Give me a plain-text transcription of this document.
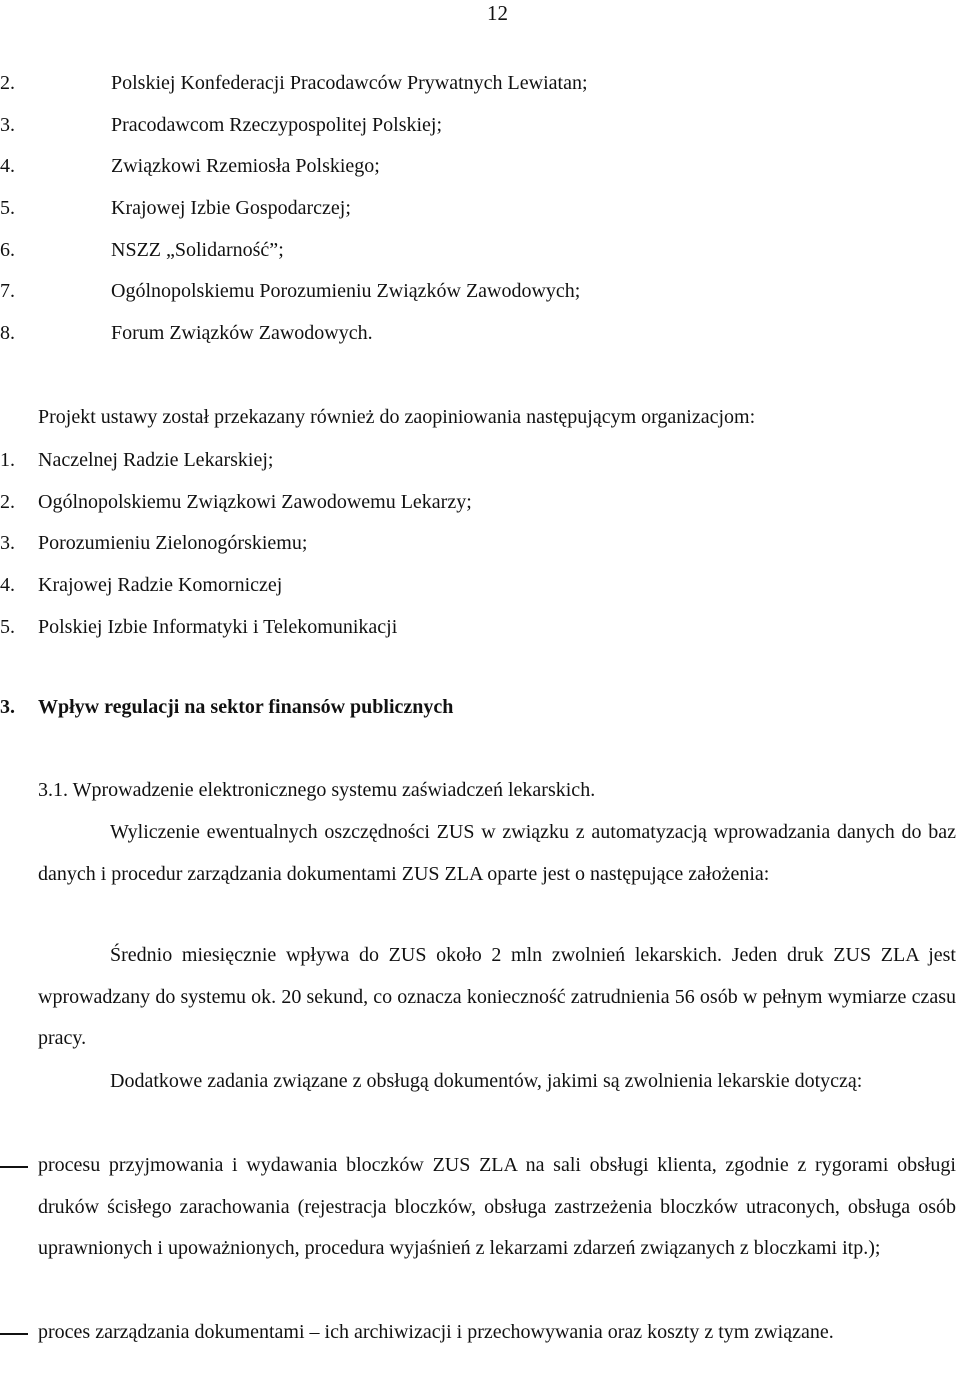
12
2.	Polskiej Konfederacji Pracodawców Prywatnych Lewiatan;
3.	Pracodawcom Rzeczypospolitej Polskiej;
4.	Związkowi Rzemiosła Polskiego;
5.	Krajowej Izbie Gospodarczej;
6.	NSZZ „Solidarność”;
7.	Ogólnopolskiemu Porozumieniu Związków Zawodowych;
8.	Forum Związków Zawodowych.
Projekt ustawy został przekazany również do zaopiniowania następującym organizacjom:
1. Naczelnej Radzie Lekarskiej;
2. Ogólnopolskiemu Związkowi Zawodowemu Lekarzy;
3. Porozumieniu Zielonogórskiemu;
4. Krajowej Radzie Komorniczej
5. Polskiej Izbie Informatyki i Telekomunikacji
3. Wpływ regulacji na sektor finansów publicznych
3.1. Wprowadzenie elektronicznego systemu zaświadczeń lekarskich.
Wyliczenie ewentualnych oszczędności ZUS w związku z automatyzacją wprowadzania danych do baz danych i procedur zarządzania dokumentami ZUS ZLA oparte jest o następujące założenia:
Średnio miesięcznie wpływa do ZUS około 2 mln zwolnień lekarskich. Jeden druk ZUS ZLA jest wprowadzany do systemu ok. 20 sekund, co oznacza konieczność zatrudnienia 56 osób w pełnym wymiarze czasu pracy.
Dodatkowe zadania związane z obsługą dokumentów, jakimi są zwolnienia lekarskie dotyczą:
procesu przyjmowania i wydawania bloczków ZUS ZLA na sali obsługi klienta, zgodnie z rygorami obsługi druków ścisłego zarachowania (rejestracja bloczków, obsługa zastrzeżenia bloczków utraconych, obsługa osób uprawnionych i upoważnionych, procedura wyjaśnień z lekarzami zdarzeń związanych z bloczkami itp.);
proces zarządzania dokumentami – ich archiwizacji i przechowywania oraz koszty z tym związane.
